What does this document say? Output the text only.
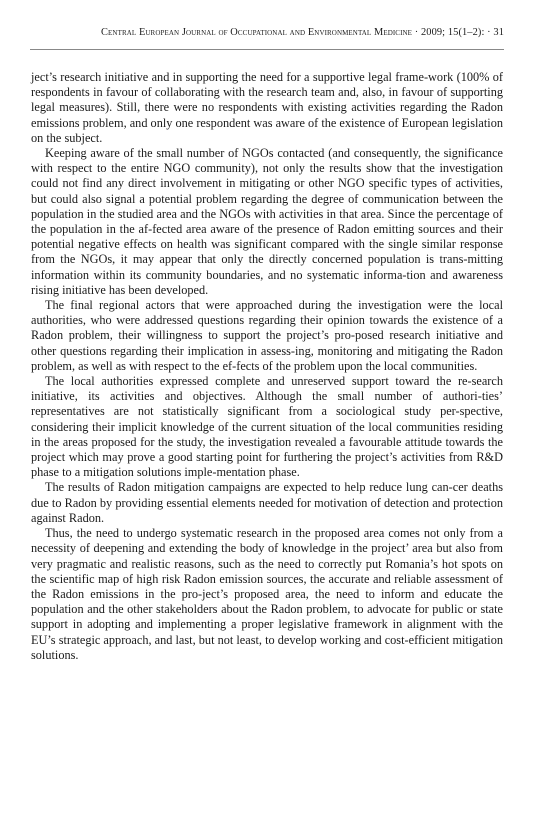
Central European Journal of Occupational and Environmental Medicine · 2009; 15(1–2): · 31

ject’s research initiative and in supporting the need for a supportive legal frame-work (100% of respondents in favour of collaborating with the research team and, also, in favour of supporting legal measures). Still, there were no respondents with existing activities regarding the Radon emissions problem, and only one respondent was aware of the existence of European legislation on the subject.

Keeping aware of the small number of NGOs contacted (and consequently, the significance with respect to the entire NGO community), not only the results show that the investigation could not find any direct involvement in mitigating or other NGO specific types of activities, but could also signal a potential problem regarding the degree of communication between the population in the studied area and the NGOs with activities in that area. Since the percentage of the population in the af-fected area aware of the presence of Radon emitting sources and their potential negative effects on health was significant compared with the single similar response from the NGOs, it may appear that only the directly concerned population is trans-mitting information within its community boundaries, and no systematic informa-tion and awareness rising initiative has been developed.

The final regional actors that were approached during the investigation were the local authorities, who were addressed questions regarding their opinion towards the existence of a Radon problem, their willingness to support the project’s pro-posed research initiative and other questions regarding their implication in assess-ing, monitoring and mitigating the Radon problem, as well as with respect to the ef-fects of the problem upon the local communities.

The local authorities expressed complete and unreserved support toward the re-search initiative, its activities and objectives. Although the small number of authori-ties’ representatives are not statistically significant from a sociological study per-spective, considering their implicit knowledge of the current situation of the local communities residing in the areas proposed for the study, the investigation revealed a favourable attitude towards the project which may prove a good starting point for furthering the project’s activities from R&D phase to a mitigation solutions imple-mentation phase.

The results of Radon mitigation campaigns are expected to help reduce lung can-cer deaths due to Radon by providing essential elements needed for motivation of detection and protection against Radon.

Thus, the need to undergo systematic research in the proposed area comes not only from a necessity of deepening and extending the body of knowledge in the project’ area but also from very pragmatic and realistic reasons, such as the need to correctly put Romania’s hot spots on the scientific map of high risk Radon emission sources, the accurate and reliable assessment of the Radon emissions in the pro-ject’s proposed area, the need to inform and educate the population and the other stakeholders about the Radon problem, to advocate for public or state support in adopting and implementing a proper legislative framework in alignment with the EU’s strategic approach, and last, but not least, to develop working and cost-efficient mitigation solutions.
